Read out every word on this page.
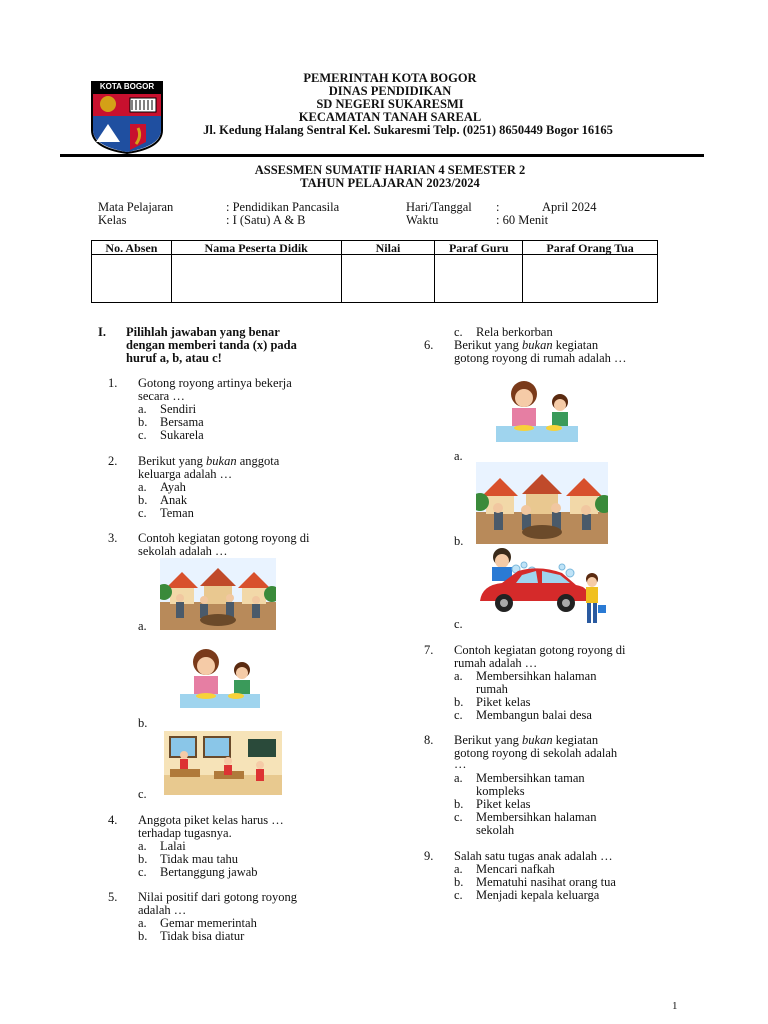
KOTA BOGOR
PEMERINTAH KOTA BOGOR
DINAS PENDIDIKAN
SD NEGERI SUKARESMI
KECAMATAN TANAH SAREAL
Jl. Kedung Halang Sentral Kel. Sukaresmi Telp. (0251) 8650449 Bogor 16165
ASSESMEN SUMATIF HARIAN 4 SEMESTER 2
TAHUN PELAJARAN 2023/2024
Mata Pelajaran	: Pendidikan Pancasila
Kelas	: I (Satu) A & B
Hari/Tanggal :	April 2024
Waktu	: 60 Menit
No. Absen	Nama Peserta Didik	Nilai	Paraf Guru	Paraf Orang Tua

I. Pilihlah jawaban yang benar
dengan memberi tanda (x) pada
huruf a, b, atau c!
1.	Gotong royong artinya bekerja
secara …
a. Sendiri
b. Bersama
c. Sukarela
2.	Berikut yang bukan anggota
keluarga adalah …
a. Ayah
b. Anak
c. Teman
3.	Contoh kegiatan gotong royong di
sekolah adalah …
a.
b.
c.
4.	Anggota piket kelas harus …
terhadap tugasnya.
a. Lalai
b. Tidak mau tahu
c. Bertanggung jawab
5.	Nilai positif dari gotong royong
adalah …
a. Gemar memerintah
b. Tidak bisa diatur
c. Rela berkorban
6.	Berikut yang bukan kegiatan
gotong royong di rumah adalah …
a.
b.
c.
7.	Contoh kegiatan gotong royong di
rumah adalah …
a. Membersihkan halaman
rumah
b. Piket kelas
c. Membangun balai desa
8.	Berikut yang bukan kegiatan
gotong royong di sekolah adalah
…
a. Membersihkan taman
kompleks
b. Piket kelas
c. Membersihkan halaman
sekolah
9.	Salah satu tugas anak adalah …
a. Mencari nafkah
b. Mematuhi nasihat orang tua
c. Menjadi kepala keluarga
1
